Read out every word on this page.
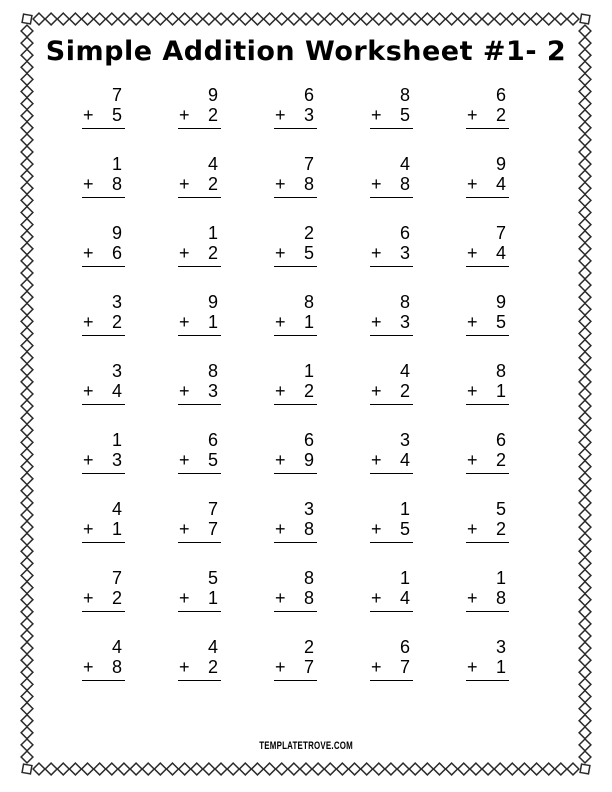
Simple Addition Worksheet #1- 2
7
+ 5
9
+ 2
6
+ 3
8
+ 5
6
+ 2
1
+ 8
4
+ 2
7
+ 8
4
+ 8
9
+ 4
9
+ 6
1
+ 2
2
+ 5
6
+ 3
7
+ 4
3
+ 2
9
+ 1
8
+ 1
8
+ 3
9
+ 5
3
+ 4
8
+ 3
1
+ 2
4
+ 2
8
+ 1
1
+ 3
6
+ 5
6
+ 9
3
+ 4
6
+ 2
4
+ 1
7
+ 7
3
+ 8
1
+ 5
5
+ 2
7
+ 2
5
+ 1
8
+ 8
1
+ 4
1
+ 8
4
+ 8
4
+ 2
2
+ 7
6
+ 7
3
+ 1
TEMPLATETROVE.COM
